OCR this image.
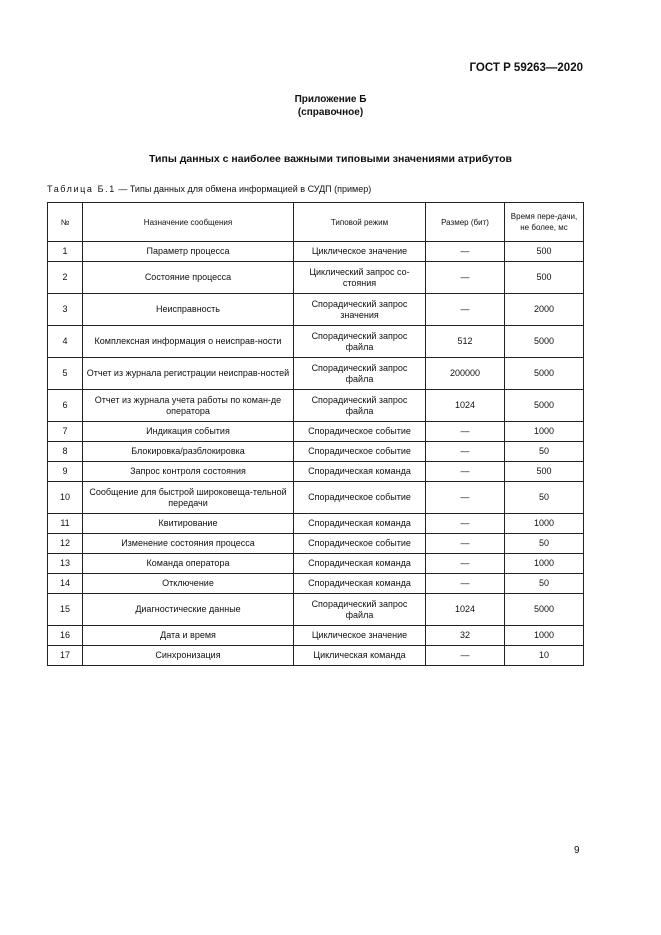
ГОСТ Р 59263—2020
Приложение Б
(справочное)
Типы данных с наиболее важными типовыми значениями атрибутов
Таблица Б.1 — Типы данных для обмена информацией в СУДП (пример)
№	Назначение сообщения	Типовой режим	Размер (бит)	Время пере-дачи, не более, мс
1	Параметр процесса	Циклическое значение	—	500
2	Состояние процесса	Циклический запрос со-стояния	—	500
3	Неисправность	Спорадический запрос значения	—	2000
4	Комплексная информация о неисправ-ности	Спорадический запрос файла	512	5000
5	Отчет из журнала регистрации неисправ-ностей	Спорадический запрос файла	200000	5000
6	Отчет из журнала учета работы по коман-де оператора	Спорадический запрос файла	1024	5000
7	Индикация события	Спорадическое событие	—	1000
8	Блокировка/разблокировка	Спорадическое событие	—	50
9	Запрос контроля состояния	Спорадическая команда	—	500
10	Сообщение для быстрой широковеща-тельной передачи	Спорадическое событие	—	50
11	Квитирование	Спорадическая команда	—	1000
12	Изменение состояния процесса	Спорадическое событие	—	50
13	Команда оператора	Спорадическая команда	—	1000
14	Отключение	Спорадическая команда	—	50
15	Диагностические данные	Спорадический запрос файла	1024	5000
16	Дата и время	Циклическое значение	32	1000
17	Синхронизация	Циклическая команда	—	10
9
